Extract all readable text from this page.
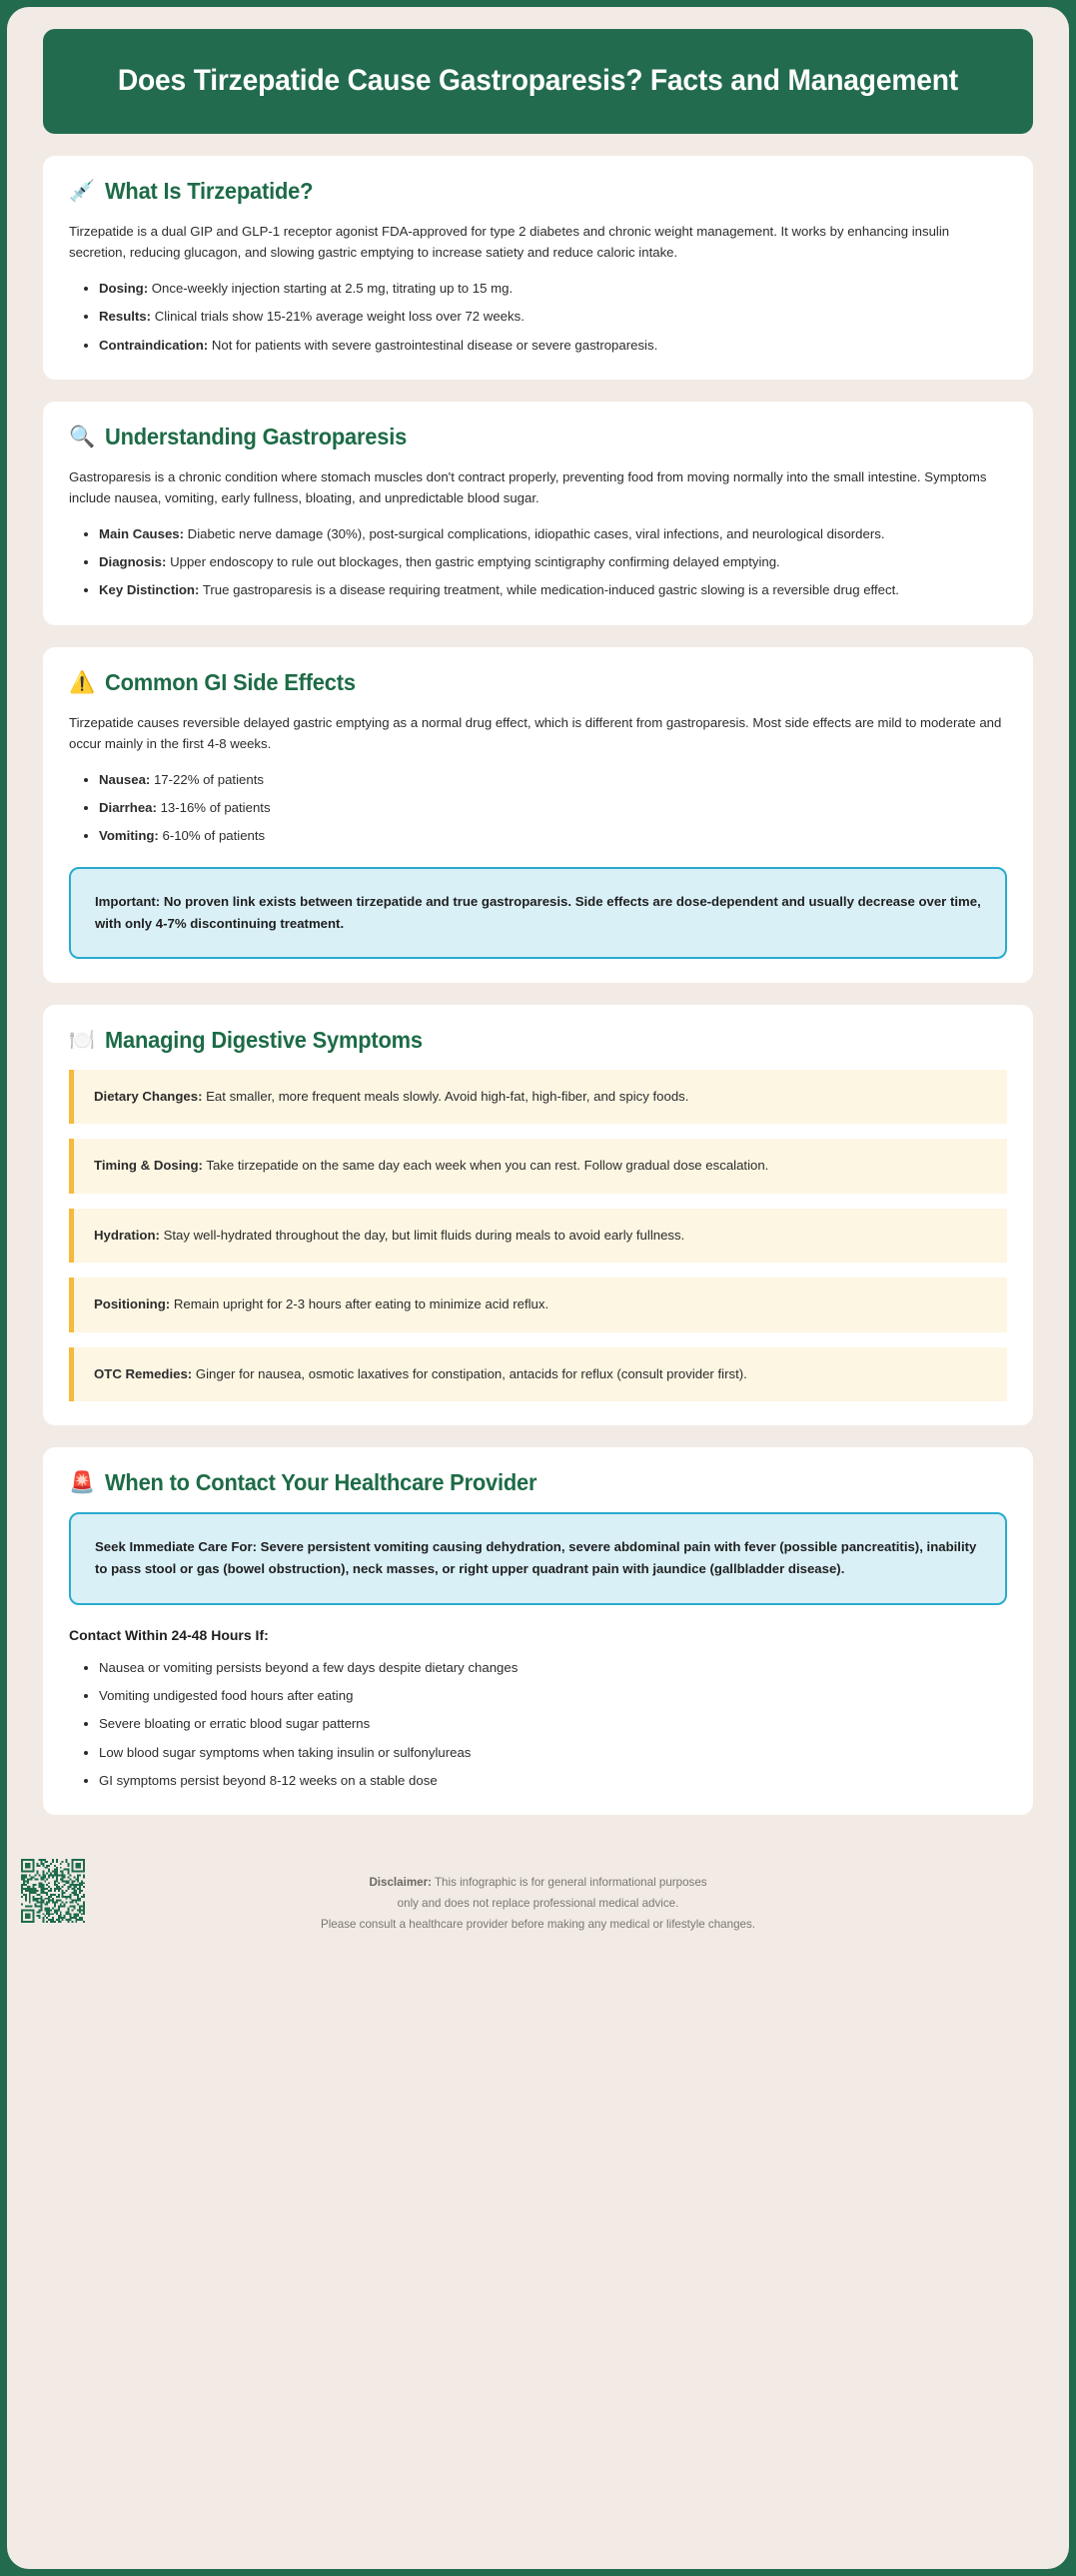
Does Tirzepatide Cause Gastroparesis? Facts and Management
💉 What Is Tirzepatide?

Tirzepatide is a dual GIP and GLP-1 receptor agonist FDA-approved for type 2 diabetes and chronic weight management. It works by enhancing insulin secretion, reducing glucagon, and slowing gastric emptying to increase satiety and reduce caloric intake.

• Dosing: Once-weekly injection starting at 2.5 mg, titrating up to 15 mg.
• Results: Clinical trials show 15-21% average weight loss over 72 weeks.
• Contraindication: Not for patients with severe gastrointestinal disease or severe gastroparesis.
🔍 Understanding Gastroparesis

Gastroparesis is a chronic condition where stomach muscles don't contract properly, preventing food from moving normally into the small intestine. Symptoms include nausea, vomiting, early fullness, bloating, and unpredictable blood sugar.

• Main Causes: Diabetic nerve damage (30%), post-surgical complications, idiopathic cases, viral infections, and neurological disorders.
• Diagnosis: Upper endoscopy to rule out blockages, then gastric emptying scintigraphy confirming delayed emptying.
• Key Distinction: True gastroparesis is a disease requiring treatment, while medication-induced gastric slowing is a reversible drug effect.
⚠️ Common GI Side Effects

Tirzepatide causes reversible delayed gastric emptying as a normal drug effect, which is different from gastroparesis. Most side effects are mild to moderate and occur mainly in the first 4-8 weeks.

• Nausea: 17-22% of patients
• Diarrhea: 13-16% of patients
• Vomiting: 6-10% of patients

Important: No proven link exists between tirzepatide and true gastroparesis. Side effects are dose-dependent and usually decrease over time, with only 4-7% discontinuing treatment.

🍽️ Managing Digestive Symptoms
Dietary Changes: Eat smaller, more frequent meals slowly. Avoid high-fat, high-fiber, and spicy foods.
Timing & Dosing: Take tirzepatide on the same day each week when you can rest. Follow gradual dose escalation.
Hydration: Stay well-hydrated throughout the day, but limit fluids during meals to avoid early fullness.
Positioning: Remain upright for 2-3 hours after eating to minimize acid reflux.
OTC Remedies: Ginger for nausea, osmotic laxatives for constipation, antacids for reflux (consult provider first).
🚨 When to Contact Your Healthcare Provider

Seek Immediate Care For: Severe persistent vomiting causing dehydration, severe abdominal pain with fever (possible pancreatitis), inability to pass stool or gas (bowel obstruction), neck masses, or right upper quadrant pain with jaundice (gallbladder disease).

Contact Within 24-48 Hours If:
• Nausea or vomiting persists beyond a few days despite dietary changes
• Vomiting undigested food hours after eating
• Severe bloating or erratic blood sugar patterns
• Low blood sugar symptoms when taking insulin or sulfonylureas
• GI symptoms persist beyond 8-12 weeks on a stable dose
Disclaimer: This infographic is for general informational purposes
only and does not replace professional medical advice.
Please consult a healthcare provider before making any medical or lifestyle changes.
